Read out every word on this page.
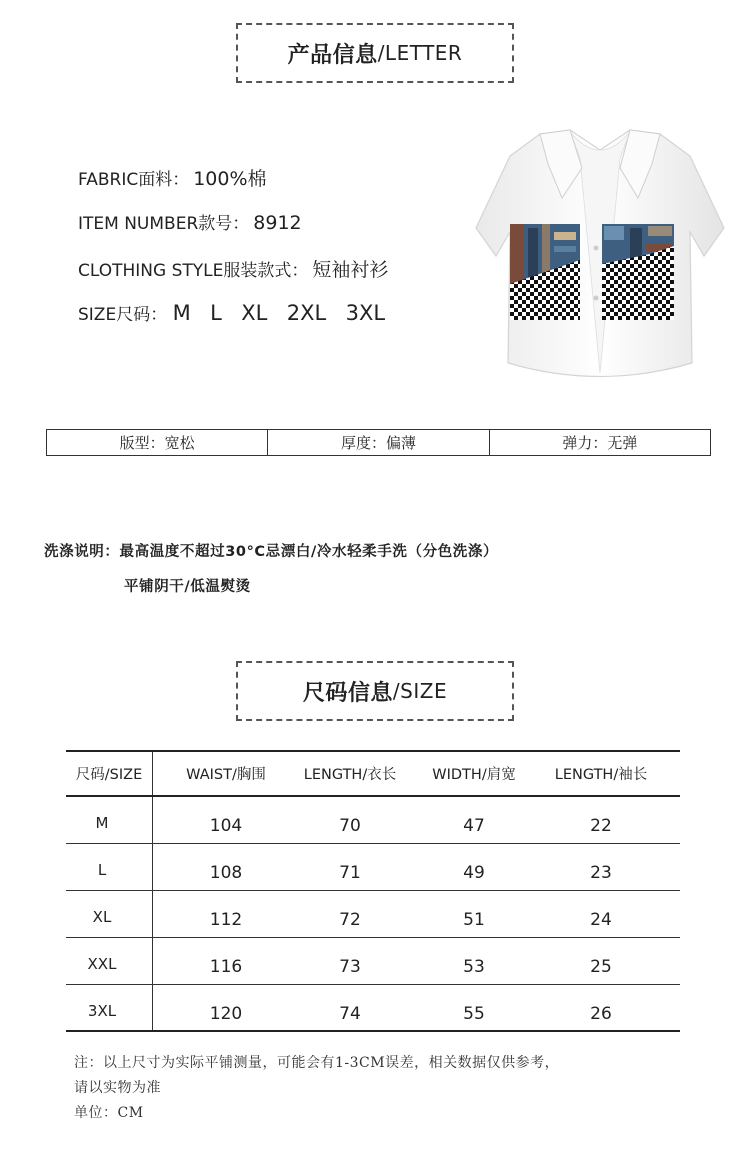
产品信息 /LETTER
FABRIC面料： 100%棉
ITEM NUMBER款号： 8912
CLOTHING STYLE服装款式： 短袖衬衫
SIZE尺码： M L XL 2XL 3XL
版型：宽松	厚度：偏薄	弹力：无弹
洗涤说明：最高温度不超过30°C忌漂白/冷水轻柔手洗（分色洗涤）
平铺阴干/低温熨烫
尺码信息 /SIZE
尺码/SIZE	WAIST/胸围	LENGTH/衣长	WIDTH/肩宽	LENGTH/袖长
M	104	70	47	22
L	108	71	49	23
XL	112	72	51	24
XXL	116	73	53	25
3XL	120	74	55	26
注：以上尺寸为实际平铺测量，可能会有1-3CM误差，相关数据仅供参考，
请以实物为准
单位：CM
